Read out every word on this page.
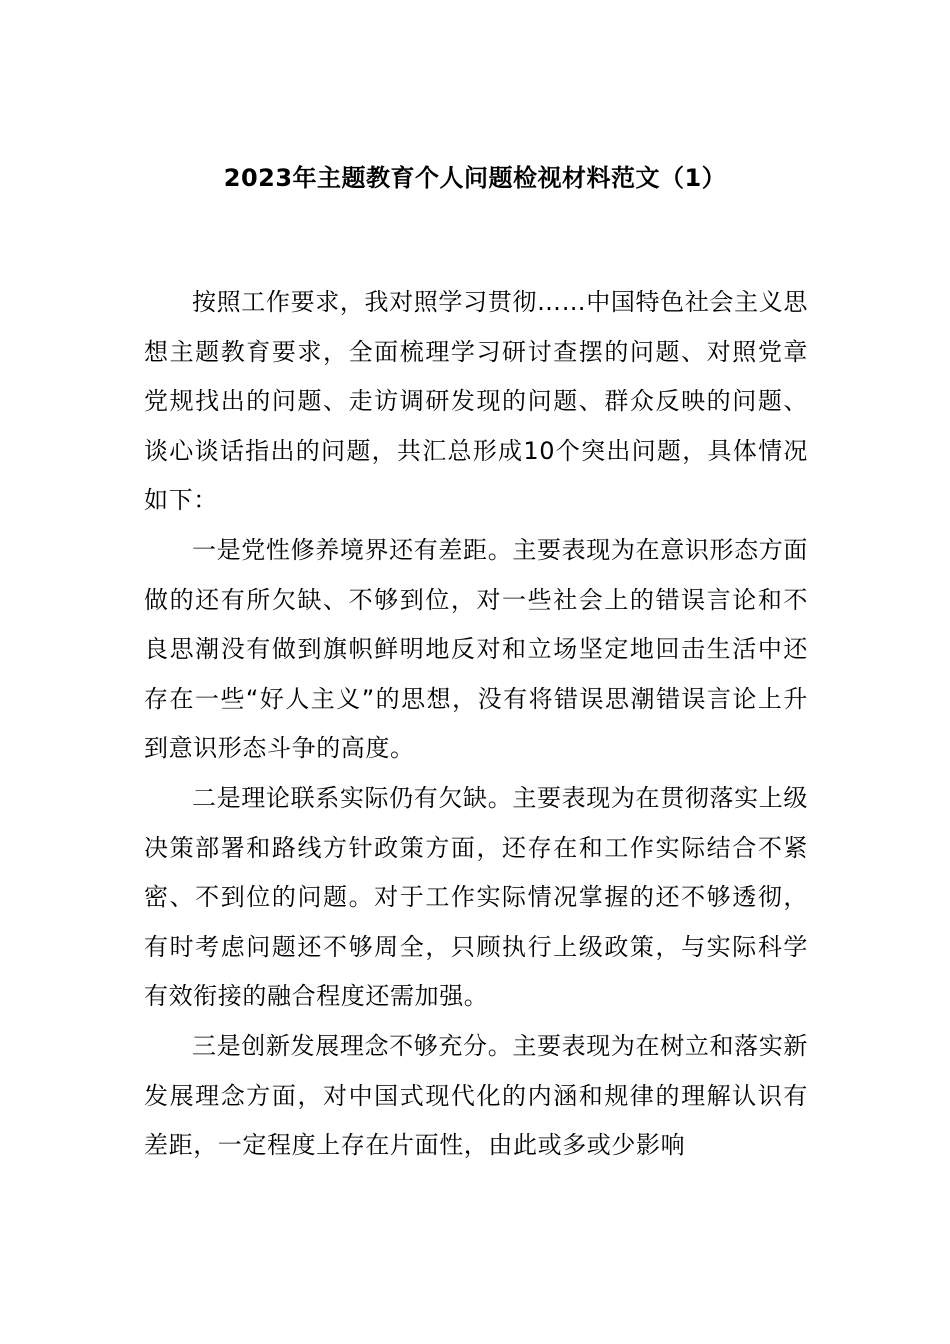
2023年主题教育个人问题检视材料范文（1）

按照工作要求，我对照学习贯彻……中国特色社会主义思想主题教育要求，全面梳理学习研讨查摆的问题、对照党章党规找出的问题、走访调研发现的问题、群众反映的问题、谈心谈话指出的问题，共汇总形成10个突出问题，具体情况如下：

一是党性修养境界还有差距。主要表现为在意识形态方面做的还有所欠缺、不够到位，对一些社会上的错误言论和不良思潮没有做到旗帜鲜明地反对和立场坚定地回击生活中还存在一些“好人主义”的思想，没有将错误思潮错误言论上升到意识形态斗争的高度。

二是理论联系实际仍有欠缺。主要表现为在贯彻落实上级决策部署和路线方针政策方面，还存在和工作实际结合不紧密、不到位的问题。对于工作实际情况掌握的还不够透彻，有时考虑问题还不够周全，只顾执行上级政策，与实际科学有效衔接的融合程度还需加强。

三是创新发展理念不够充分。主要表现为在树立和落实新发展理念方面，对中国式现代化的内涵和规律的理解认识有差距，一定程度上存在片面性，由此或多或少影响
